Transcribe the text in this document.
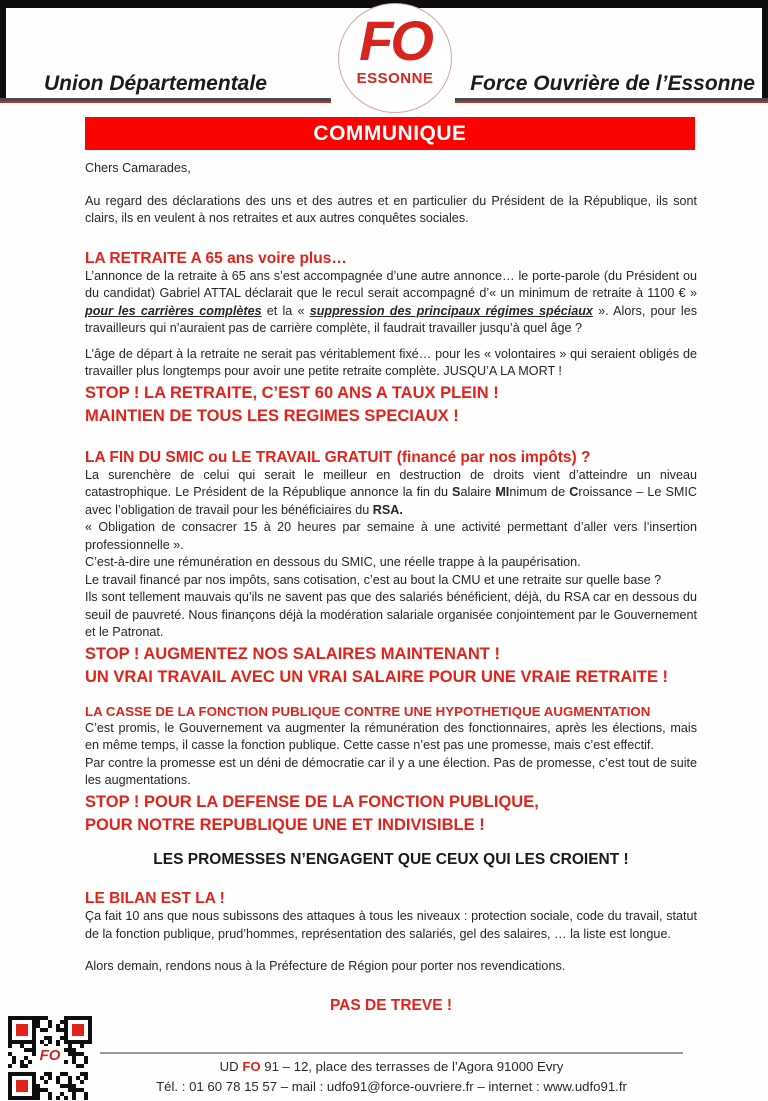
Union Départementale	Force Ouvrière de l’Essonne
FO
ESSONNE
COMMUNIQUE

Chers Camarades,

Au regard des déclarations des uns et des autres et en particulier du Président de la République, ils sont clairs, ils en veulent à nos retraites et aux autres conquêtes sociales.

LA RETRAITE A 65 ans voire plus…

L’annonce de la retraite à 65 ans s’est accompagnée d’une autre annonce… le porte-parole (du Président ou du candidat) Gabriel ATTAL déclarait que le recul serait accompagné d’« un minimum de retraite à 1100 € » pour les carrières complètes et la « suppression des principaux régimes spéciaux ». Alors, pour les travailleurs qui n’auraient pas de carrière complète, il faudrait travailler jusqu’à quel âge ?

L’âge de départ à la retraite ne serait pas véritablement fixé… pour les « volontaires » qui seraient obligés de travailler plus longtemps pour avoir une petite retraite complète. JUSQU’A LA MORT !

STOP ! LA RETRAITE, C’EST 60 ANS A TAUX PLEIN !

MAINTIEN DE TOUS LES REGIMES SPECIAUX !

LA FIN DU SMIC ou LE TRAVAIL GRATUIT (financé par nos impôts) ?

La surenchère de celui qui serait le meilleur en destruction de droits vient d’atteindre un niveau catastrophique. Le Président de la République annonce la fin du Salaire MInimum de Croissance – Le SMIC avec l’obligation de travail pour les bénéficiaires du RSA.

« Obligation de consacrer 15 à 20 heures par semaine à une activité permettant d’aller vers l’insertion professionnelle ».

C’est-à-dire une rémunération en dessous du SMIC, une réelle trappe à la paupérisation.

Le travail financé par nos impôts, sans cotisation, c’est au bout la CMU et une retraite sur quelle base ?

Ils sont tellement mauvais qu’ils ne savent pas que des salariés bénéficient, déjà, du RSA car en dessous du seuil de pauvreté. Nous finançons déjà la modération salariale organisée conjointement par le Gouvernement et le Patronat.

STOP ! AUGMENTEZ NOS SALAIRES MAINTENANT !

UN VRAI TRAVAIL AVEC UN VRAI SALAIRE POUR UNE VRAIE RETRAITE !

LA CASSE DE LA FONCTION PUBLIQUE CONTRE UNE HYPOTHETIQUE AUGMENTATION

C’est promis, le Gouvernement va augmenter la rémunération des fonctionnaires, après les élections, mais en même temps, il casse la fonction publique. Cette casse n’est pas une promesse, mais c’est effectif.

Par contre la promesse est un déni de démocratie car il y a une élection. Pas de promesse, c’est tout de suite les augmentations.

STOP ! POUR LA DEFENSE DE LA FONCTION PUBLIQUE,

POUR NOTRE REPUBLIQUE UNE ET INDIVISIBLE !

LES PROMESSES N’ENGAGENT QUE CEUX QUI LES CROIENT !

LE BILAN EST LA !

Ça fait 10 ans que nous subissons des attaques à tous les niveaux : protection sociale, code du travail, statut de la fonction publique, prud’hommes, représentation des salariés, gel des salaires, … la liste est longue.

Alors demain, rendons nous à la Préfecture de Région pour porter nos revendications.

PAS DE TREVE !

FO
UD FO 91 – 12, place des terrasses de l’Agora 91000 Evry
Tél. : 01 60 78 15 57 – mail : udfo91@force-ouvriere.fr – internet : www.udfo91.fr
